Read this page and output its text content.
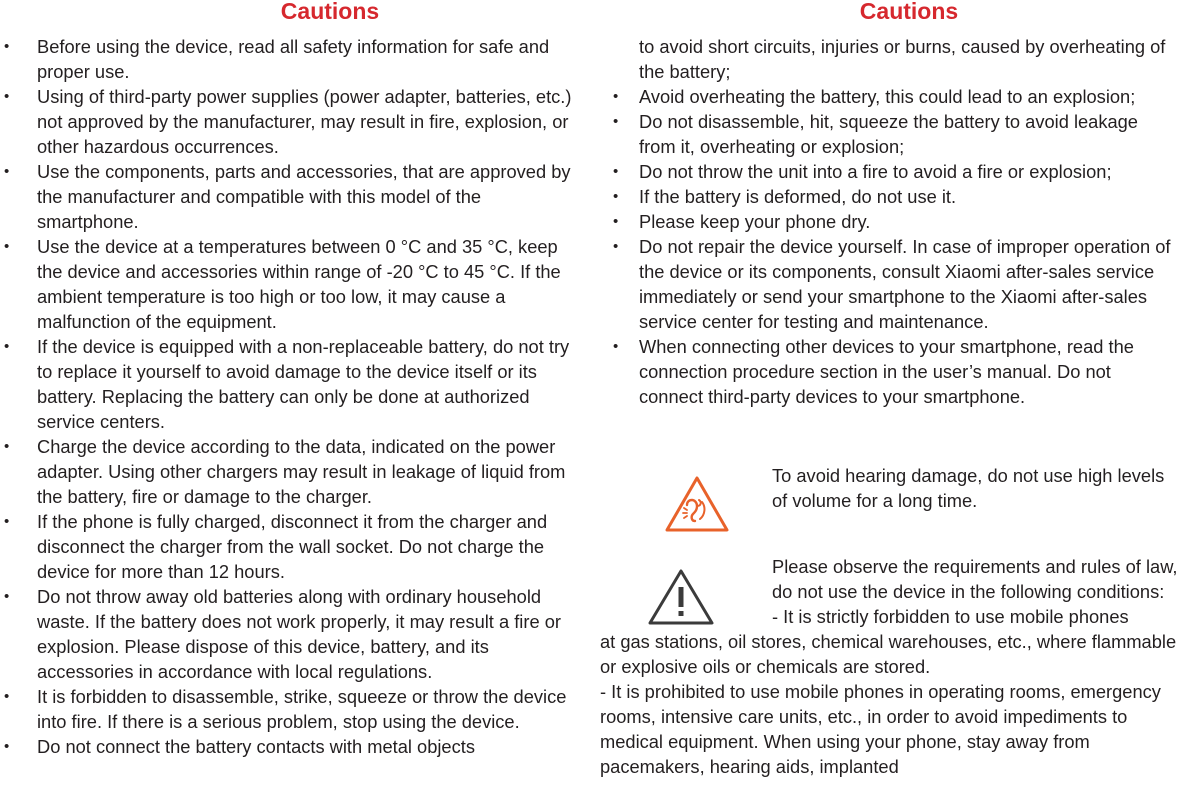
Cautions
• Before using the device, read all safety information for safe and proper use.
• Using of third-party power supplies (power adapter, batteries, etc.) not approved by the manufacturer, may result in fire, explosion, or other hazardous occurrences.
• Use the components, parts and accessories, that are approved by the manufacturer and compatible with this model of the smartphone.
• Use the device at a temperatures between 0 °C and 35 °C, keep the device and accessories within range of -20 °C to 45 °C. If the ambient temperature is too high or too low, it may cause a malfunction of the equipment.
• If the device is equipped with a non-replaceable battery, do not try to replace it yourself to avoid damage to the device itself or its battery. Replacing the battery can only be done at authorized service centers.
• Charge the device according to the data, indicated on the power adapter. Using other chargers may result in leakage of liquid from the battery, fire or damage to the charger.
• If the phone is fully charged, disconnect it from the charger and disconnect the charger from the wall socket. Do not charge the device for more than 12 hours.
• Do not throw away old batteries along with ordinary household waste. If the battery does not work properly, it may result a fire or explosion. Please dispose of this device, battery, and its accessories in accordance with local regulations.
• It is forbidden to disassemble, strike, squeeze or throw the device into fire. If there is a serious problem, stop using the device.
• Do not connect the battery contacts with metal objects
Cautions
to avoid short circuits, injuries or burns, caused by overheating of the battery;
• Avoid overheating the battery, this could lead to an explosion;
• Do not disassemble, hit, squeeze the battery to avoid leakage from it, overheating or explosion;
• Do not throw the unit into a fire to avoid a fire or explosion;
• If the battery is deformed, do not use it.
• Please keep your phone dry.
• Do not repair the device yourself. In case of improper operation of the device or its components, consult Xiaomi after-sales service immediately or send your smartphone to the Xiaomi after-sales service center for testing and maintenance.
• When connecting other devices to your smartphone, read the connection procedure section in the user’s manual. Do not connect third-party devices to your smartphone.
To avoid hearing damage, do not use high levels of volume for a long time.
Please observe the requirements and rules of law, do not use the device in the following conditions:
- It is strictly forbidden to use mobile phones
at gas stations, oil stores, chemical warehouses, etc., where flammable or explosive oils or chemicals are stored.
- It is prohibited to use mobile phones in operating rooms, emergency rooms, intensive care units, etc., in order to avoid impediments to medical equipment. When using your phone, stay away from pacemakers, hearing aids, implanted
